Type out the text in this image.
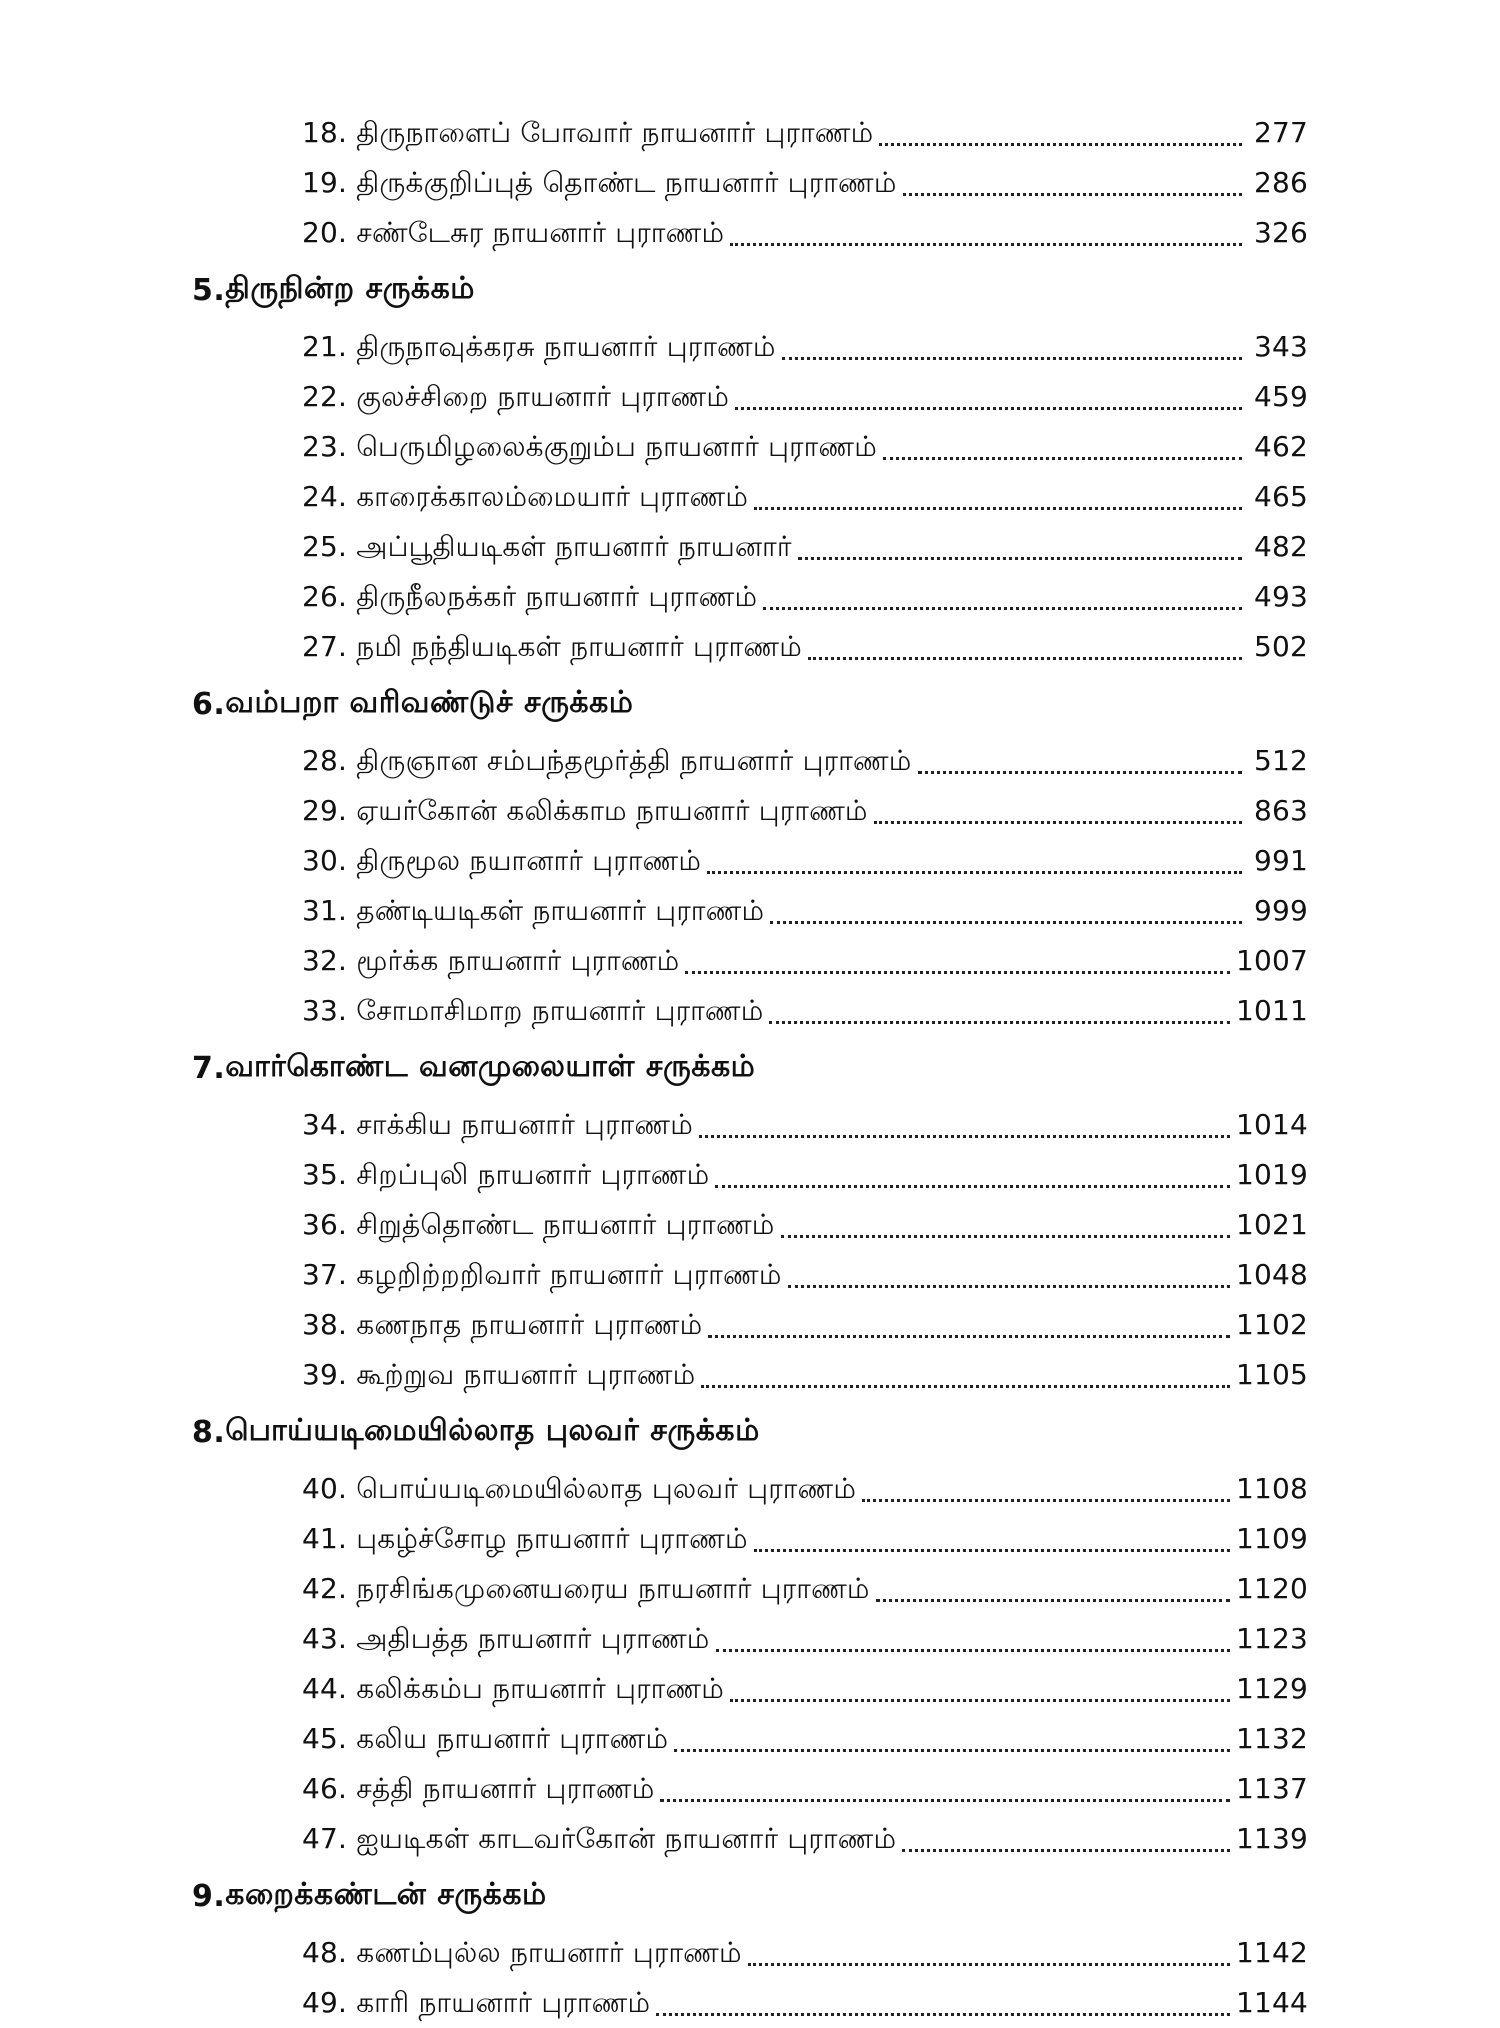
18. திருநாளைப் போவார் நாயனார் புராணம்	277
19. திருக்குறிப்புத் தொண்ட நாயனார் புராணம்	286
20. சண்டேசுர நாயனார் புராணம்	326
5. திருநின்ற சருக்கம்
21. திருநாவுக்கரசு நாயனார் புராணம்	343
22. குலச்சிறை நாயனார் புராணம்	459
23. பெருமிழலைக்குறும்ப நாயனார் புராணம்	462
24. காரைக்காலம்மையார் புராணம்	465
25. அப்பூதியடிகள் நாயனார் நாயனார்	482
26. திருநீலநக்கர் நாயனார் புராணம்	493
27. நமி நந்தியடிகள் நாயனார் புராணம்	502
6. வம்பறா வரிவண்டுச் சருக்கம்
28. திருஞான சம்பந்தமூர்த்தி நாயனார் புராணம்	512
29. ஏயர்கோன் கலிக்காம நாயனார் புராணம்	863
30. திருமூல நயானார் புராணம்	991
31. தண்டியடிகள் நாயனார் புராணம்	999
32. மூர்க்க நாயனார் புராணம்	1007
33. சோமாசிமாற நாயனார் புராணம்	1011
7. வார்கொண்ட வனமுலையாள் சருக்கம்
34. சாக்கிய நாயனார் புராணம்	1014
35. சிறப்புலி நாயனார் புராணம்	1019
36. சிறுத்தொண்ட நாயனார் புராணம்	1021
37. கழறிற்றறிவார் நாயனார் புராணம்	1048
38. கணநாத நாயனார் புராணம்	1102
39. கூற்றுவ நாயனார் புராணம்	1105
8. பொய்யடிமையில்லாத புலவர் சருக்கம்
40. பொய்யடிமையில்லாத புலவர் புராணம்	1108
41. புகழ்ச்சோழ நாயனார் புராணம்	1109
42. நரசிங்கமுனையரைய நாயனார் புராணம்	1120
43. அதிபத்த நாயனார் புராணம்	1123
44. கலிக்கம்ப நாயனார் புராணம்	1129
45. கலிய நாயனார் புராணம்	1132
46. சத்தி நாயனார் புராணம்	1137
47. ஐயடிகள் காடவர்கோன் நாயனார் புராணம்	1139
9. கறைக்கண்டன் சருக்கம்
48. கணம்புல்ல நாயனார் புராணம்	1142
49. காரி நாயனார் புராணம்	1144
